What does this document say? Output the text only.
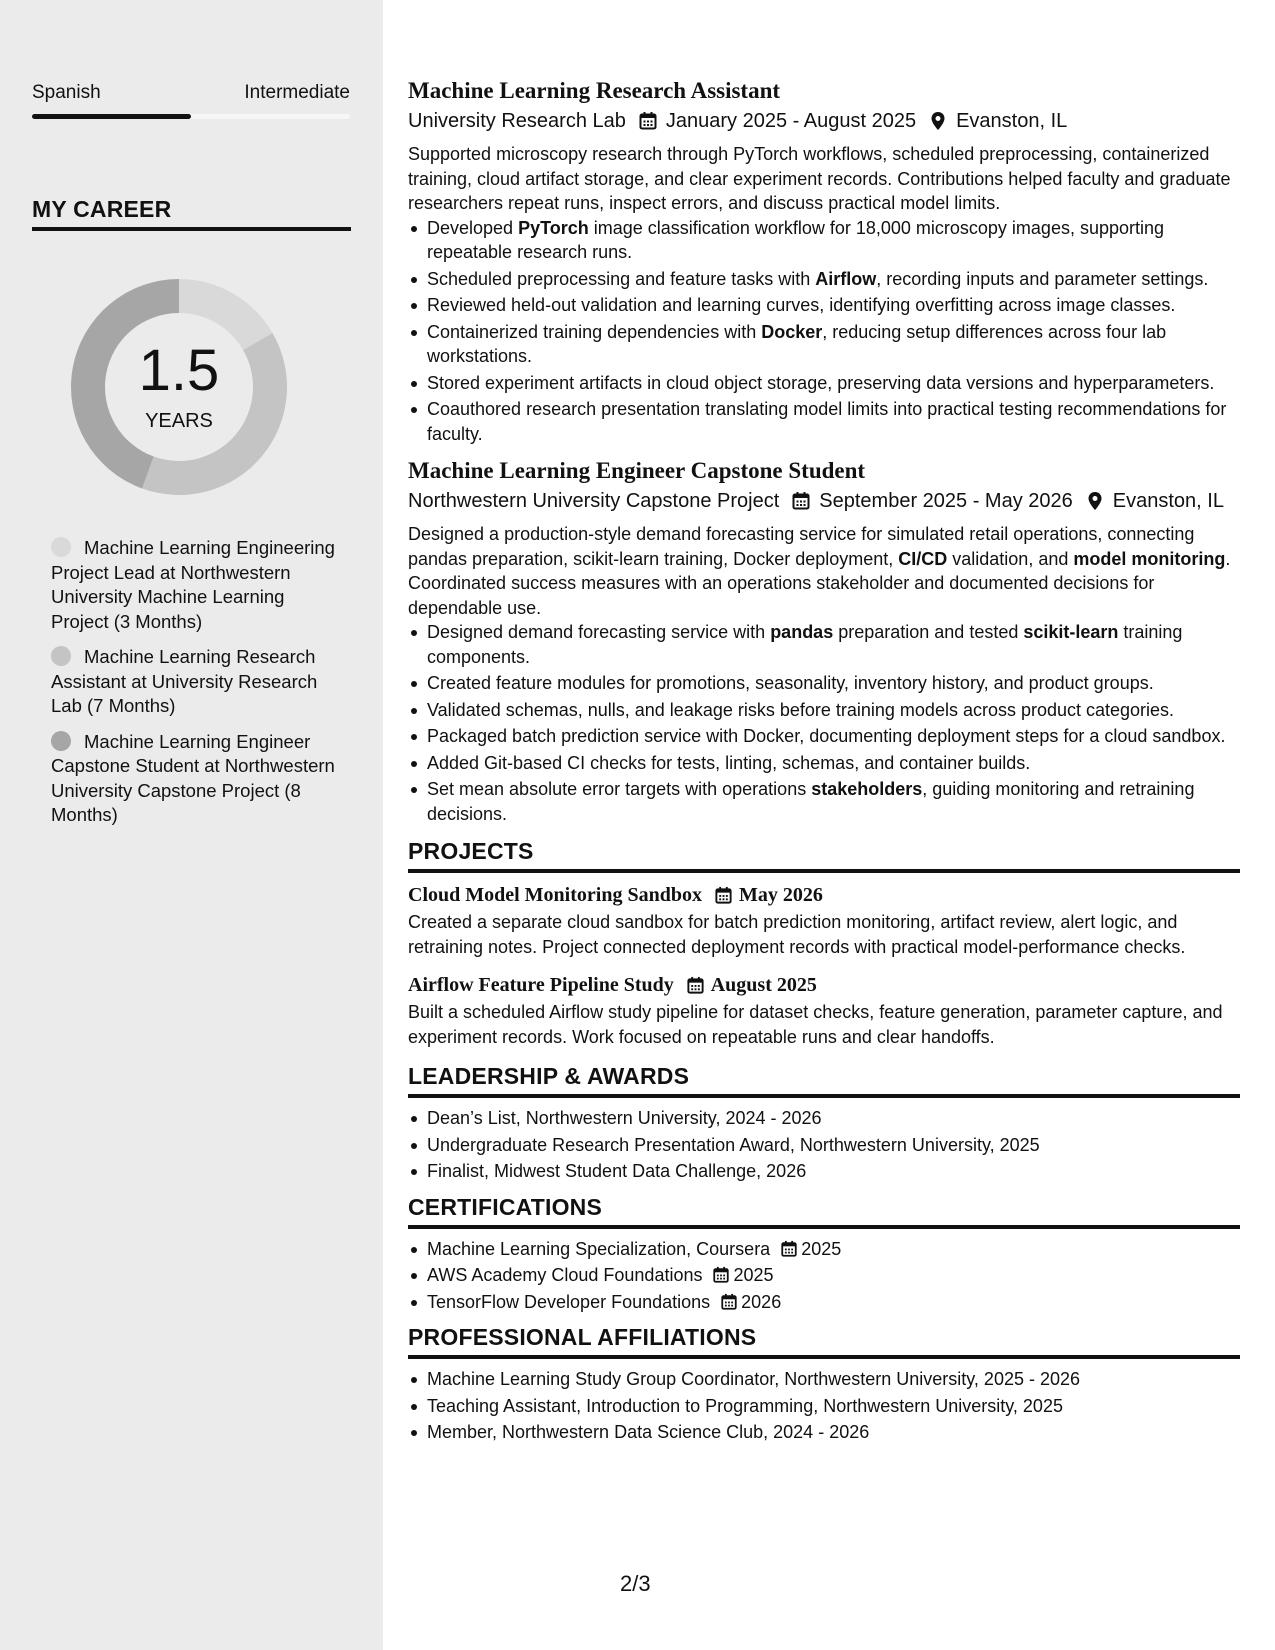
Spanish	Intermediate
MY CAREER
1.5
YEARS
Machine Learning Engineering Project Lead at Northwestern University Machine Learning Project (3 Months)
Machine Learning Research Assistant at University Research Lab (7 Months)
Machine Learning Engineer Capstone Student at Northwestern University Capstone Project (8 Months)
Machine Learning Research Assistant
University Research Lab January 2025 - August 2025 Evanston, IL

Supported microscopy research through PyTorch workflows, scheduled preprocessing, containerized training, cloud artifact storage, and clear experiment records. Contributions helped faculty and graduate researchers repeat runs, inspect errors, and discuss practical model limits.

Developed PyTorch image classification workflow for 18,000 microscopy images, supporting repeatable research runs.
Scheduled preprocessing and feature tasks with Airflow, recording inputs and parameter settings.
Reviewed held-out validation and learning curves, identifying overfitting across image classes.
Containerized training dependencies with Docker, reducing setup differences across four lab workstations.
Stored experiment artifacts in cloud object storage, preserving data versions and hyperparameters.
Coauthored research presentation translating model limits into practical testing recommendations for faculty.
Machine Learning Engineer Capstone Student
Northwestern University Capstone Project September 2025 - May 2026 Evanston, IL

Designed a production-style demand forecasting service for simulated retail operations, connecting pandas preparation, scikit-learn training, Docker deployment, CI/CD validation, and model monitoring. Coordinated success measures with an operations stakeholder and documented decisions for dependable use.

Designed demand forecasting service with pandas preparation and tested scikit-learn training components.
Created feature modules for promotions, seasonality, inventory history, and product groups.
Validated schemas, nulls, and leakage risks before training models across product categories.
Packaged batch prediction service with Docker, documenting deployment steps for a cloud sandbox.
Added Git-based CI checks for tests, linting, schemas, and container builds.
Set mean absolute error targets with operations stakeholders, guiding monitoring and retraining decisions.
PROJECTS
Cloud Model Monitoring Sandbox May 2026

Created a separate cloud sandbox for batch prediction monitoring, artifact review, alert logic, and retraining notes. Project connected deployment records with practical model-performance checks.

Airflow Feature Pipeline Study August 2025

Built a scheduled Airflow study pipeline for dataset checks, feature generation, parameter capture, and experiment records. Work focused on repeatable runs and clear handoffs.

LEADERSHIP & AWARDS
Dean’s List, Northwestern University, 2024 - 2026
Undergraduate Research Presentation Award, Northwestern University, 2025
Finalist, Midwest Student Data Challenge, 2026
CERTIFICATIONS
Machine Learning Specialization, Coursera 2025
AWS Academy Cloud Foundations 2025
TensorFlow Developer Foundations 2026
PROFESSIONAL AFFILIATIONS
Machine Learning Study Group Coordinator, Northwestern University, 2025 - 2026
Teaching Assistant, Introduction to Programming, Northwestern University, 2025
Member, Northwestern Data Science Club, 2024 - 2026
2/3
